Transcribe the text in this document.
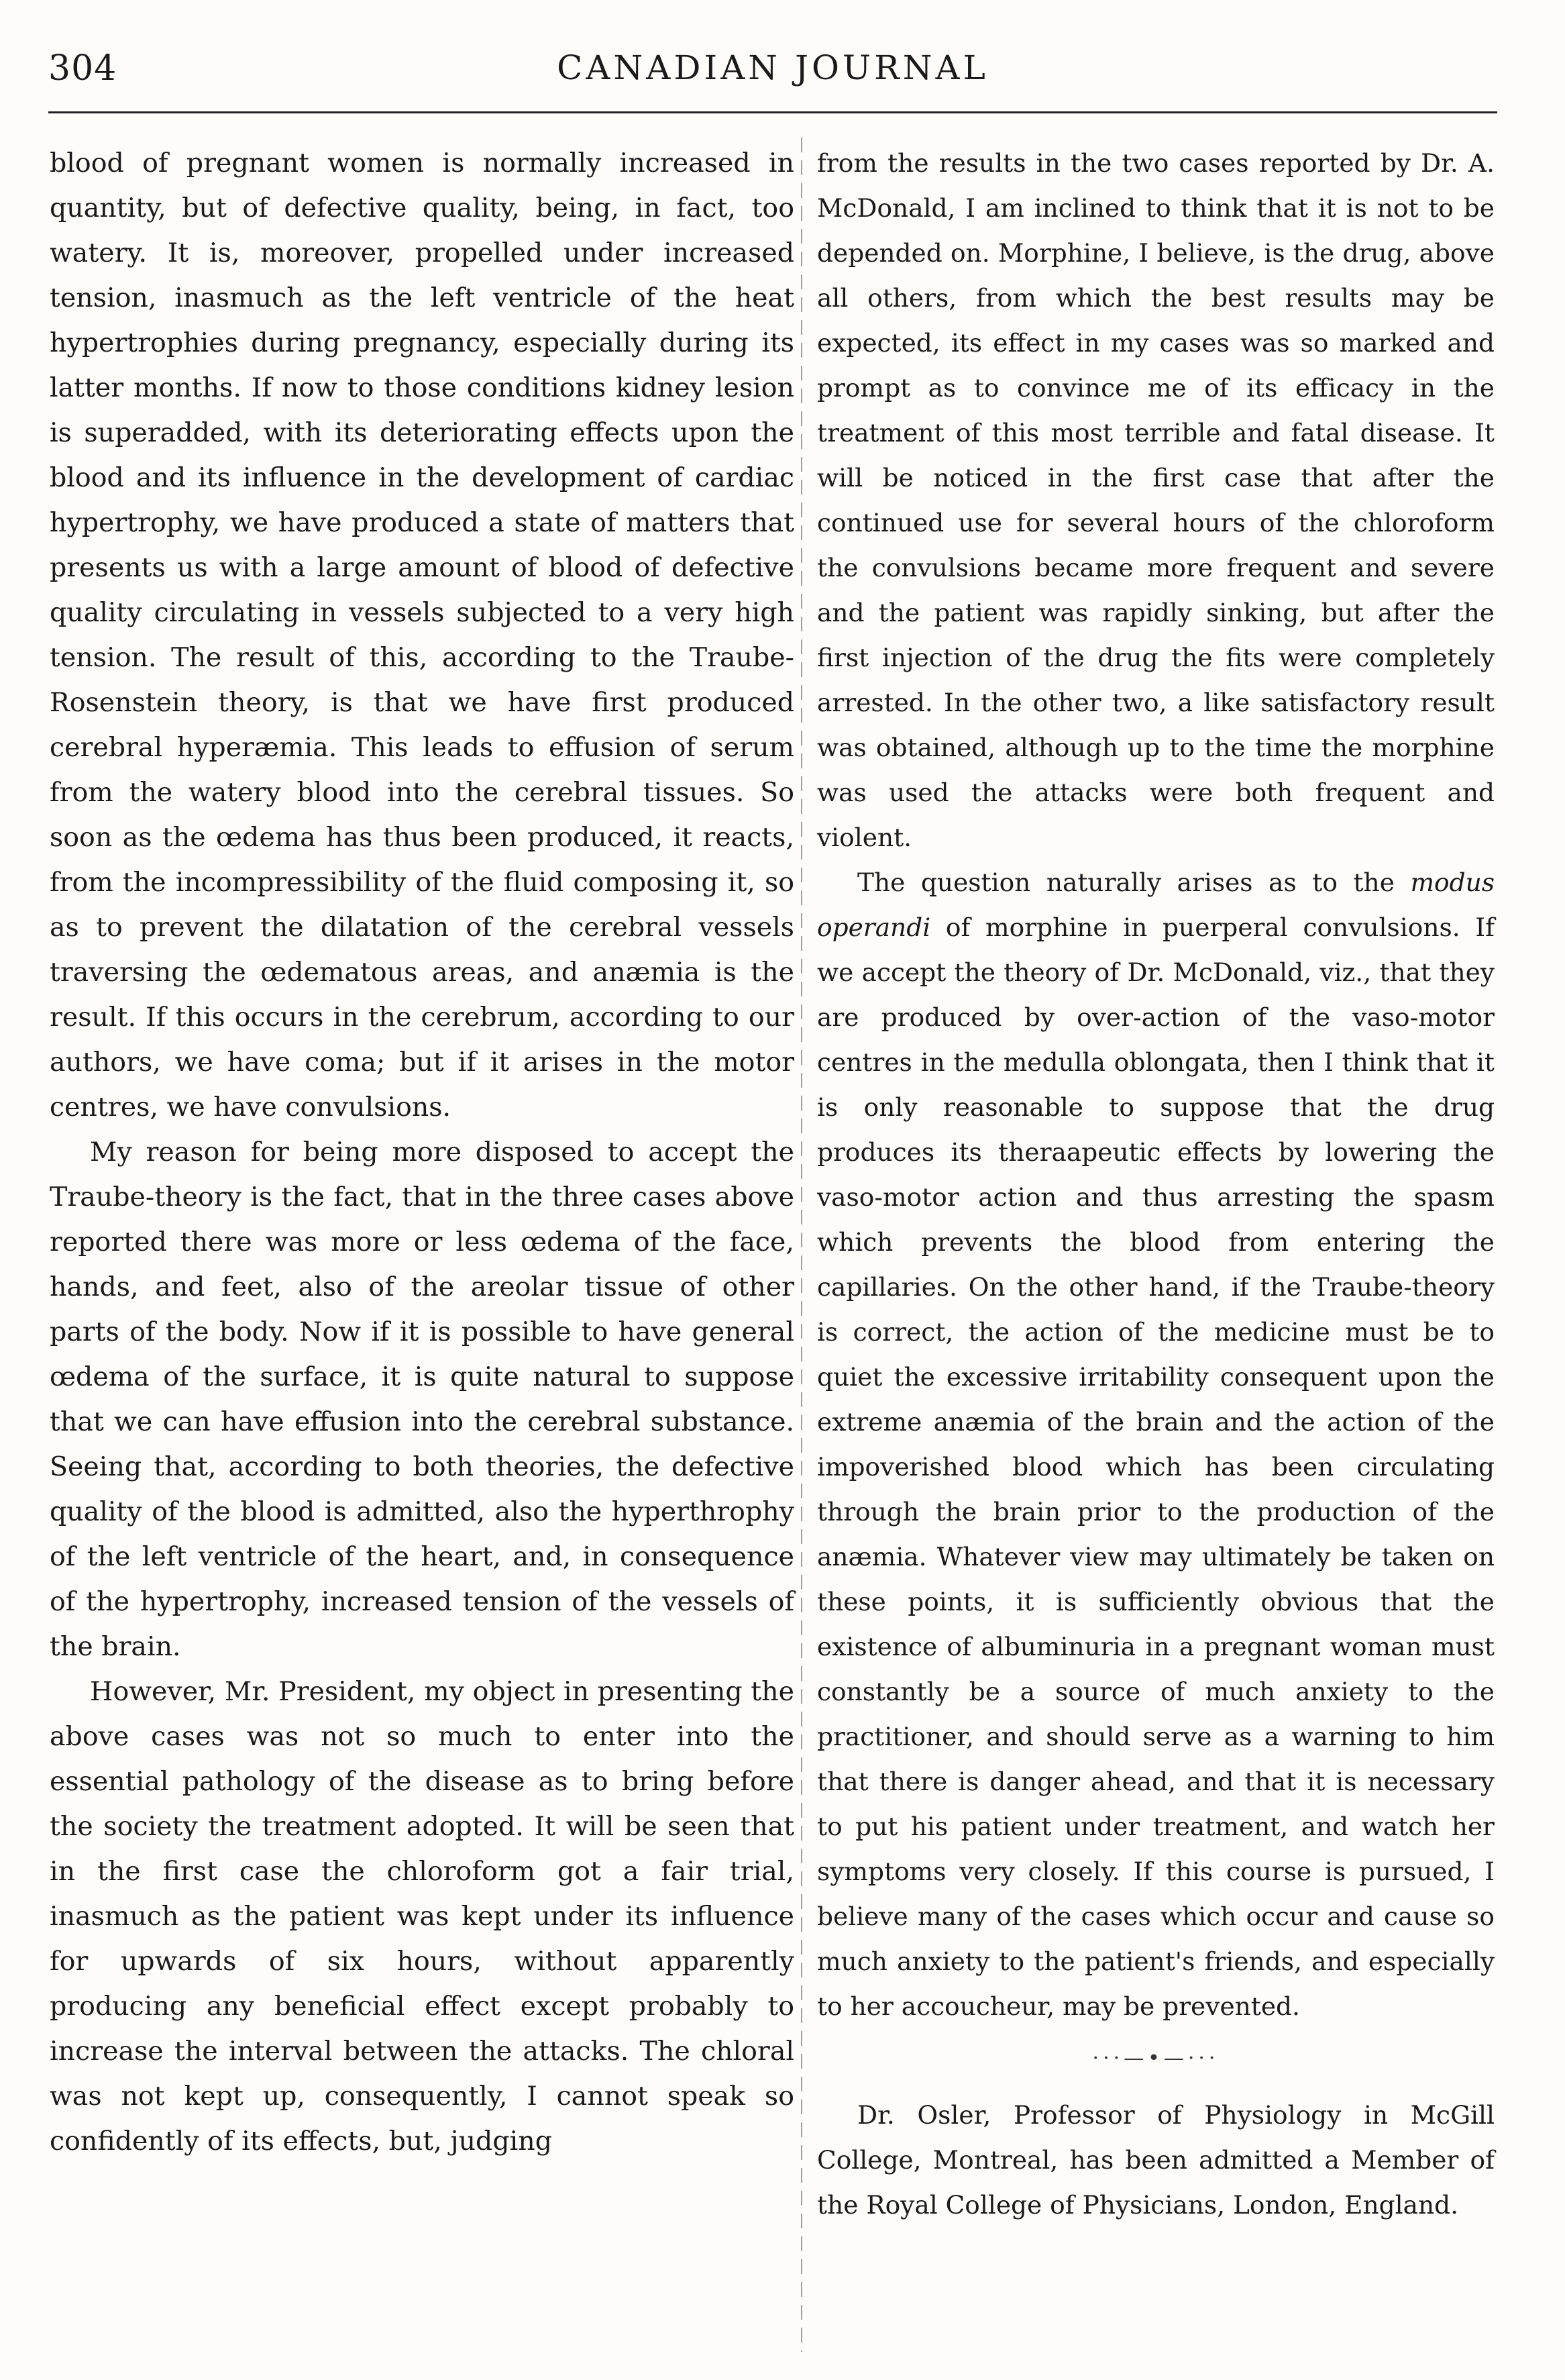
304	CANADIAN JOURNAL

blood of pregnant women is normally increased in quantity, but of defective quality, being, in fact, too watery. It is, moreover, propelled under increased tension, inasmuch as the left ventricle of the heat hypertrophies during pregnancy, especially during its latter months. If now to those conditions kidney lesion is superadded, with its deteriorating effects upon the blood and its influence in the development of cardiac hypertrophy, we have produced a state of matters that presents us with a large amount of blood of defective quality circulating in vessels subjected to a very high tension. The result of this, according to the Traube-Rosenstein theory, is that we have first produced cerebral hyperæmia. This leads to effusion of serum from the watery blood into the cerebral tissues. So soon as the œdema has thus been produced, it reacts, from the incompressibility of the fluid composing it, so as to prevent the dilatation of the cerebral vessels traversing the œdematous areas, and anæmia is the result. If this occurs in the cerebrum, according to our authors, we have coma; but if it arises in the motor centres, we have convulsions.

My reason for being more disposed to accept the Traube-theory is the fact, that in the three cases above reported there was more or less œdema of the face, hands, and feet, also of the areolar tissue of other parts of the body. Now if it is possible to have general œdema of the surface, it is quite natural to suppose that we can have effusion into the cerebral substance. Seeing that, according to both theories, the defective quality of the blood is admitted, also the hyperthrophy of the left ventricle of the heart, and, in consequence of the hypertrophy, increased tension of the vessels of the brain.

However, Mr. President, my object in presenting the above cases was not so much to enter into the essential pathology of the disease as to bring before the society the treatment adopted. It will be seen that in the first case the chloroform got a fair trial, inasmuch as the patient was kept under its influence for upwards of six hours, without apparently producing any beneficial effect except probably to increase the interval between the attacks. The chloral was not kept up, consequently, I cannot speak so confidently of its effects, but, judging

from the results in the two cases reported by Dr. A. McDonald, I am inclined to think that it is not to be depended on. Morphine, I believe, is the drug, above all others, from which the best results may be expected, its effect in my cases was so marked and prompt as to convince me of its efficacy in the treatment of this most terrible and fatal disease. It will be noticed in the first case that after the continued use for several hours of the chloroform the convulsions became more frequent and severe and the patient was rapidly sinking, but after the first injection of the drug the fits were completely arrested. In the other two, a like satisfactory result was obtained, although up to the time the morphine was used the attacks were both frequent and violent.

The question naturally arises as to the modus operandi of morphine in puerperal convulsions. If we accept the theory of Dr. McDonald, viz., that they are produced by over-action of the vaso-motor centres in the medulla oblongata, then I think that it is only reasonable to suppose that the drug produces its theraapeutic effects by lowering the vaso-motor action and thus arresting the spasm which prevents the blood from entering the capillaries. On the other hand, if the Traube-theory is correct, the action of the medicine must be to quiet the excessive irritability consequent upon the extreme anæmia of the brain and the action of the impoverished blood which has been circulating through the brain prior to the production of the anæmia. Whatever view may ultimately be taken on these points, it is sufficiently obvious that the existence of albuminuria in a pregnant woman must constantly be a source of much anxiety to the practitioner, and should serve as a warning to him that there is danger ahead, and that it is necessary to put his patient under treatment, and watch her symptoms very closely. If this course is pursued, I believe many of the cases which occur and cause so much anxiety to the patient's friends, and especially to her accoucheur, may be prevented.

···—•—···

Dr. Osler, Professor of Physiology in McGill College, Montreal, has been admitted a Member of the Royal College of Physicians, London, England.
